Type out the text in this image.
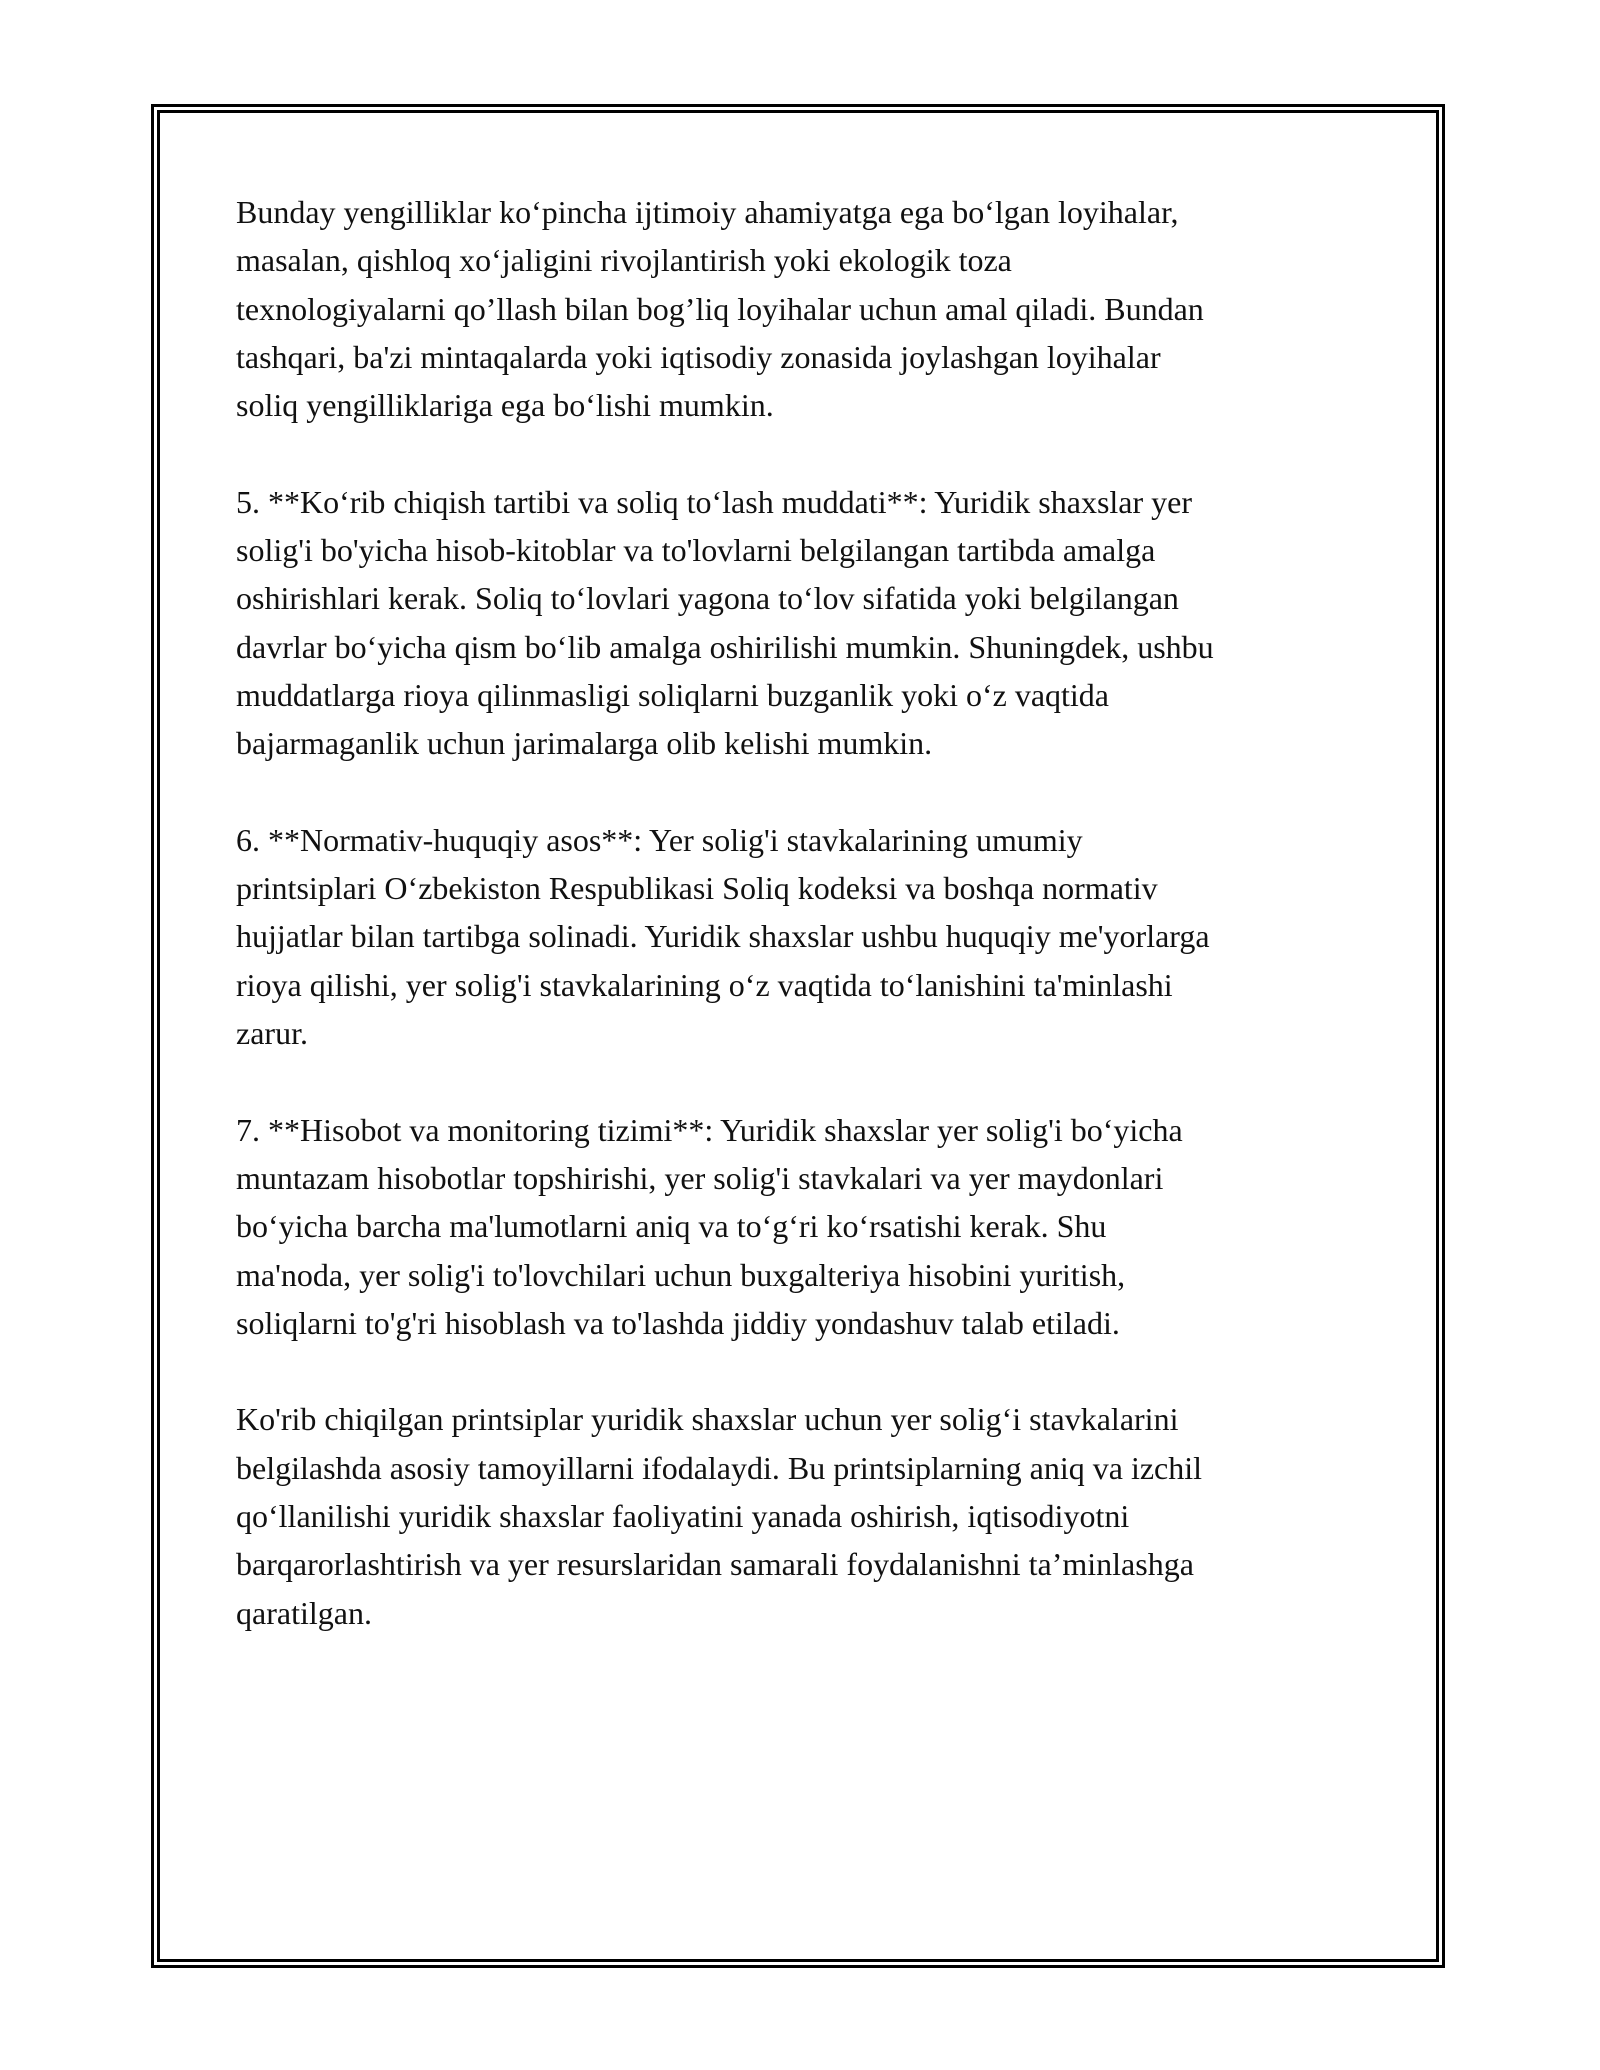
Bunday yengilliklar ko‘pincha ijtimoiy ahamiyatga ega bo‘lgan loyihalar,
masalan, qishloq xo‘jaligini rivojlantirish yoki ekologik toza
texnologiyalarni qo’llash bilan bog’liq loyihalar uchun amal qiladi. Bundan
tashqari, ba'zi mintaqalarda yoki iqtisodiy zonasida joylashgan loyihalar
soliq yengilliklariga ega bo‘lishi mumkin.

5. **Ko‘rib chiqish tartibi va soliq to‘lash muddati**: Yuridik shaxslar yer
solig'i bo'yicha hisob-kitoblar va to'lovlarni belgilangan tartibda amalga
oshirishlari kerak. Soliq to‘lovlari yagona to‘lov sifatida yoki belgilangan
davrlar bo‘yicha qism bo‘lib amalga oshirilishi mumkin. Shuningdek, ushbu
muddatlarga rioya qilinmasligi soliqlarni buzganlik yoki o‘z vaqtida
bajarmaganlik uchun jarimalarga olib kelishi mumkin.

6. **Normativ-huquqiy asos**: Yer solig'i stavkalarining umumiy
printsiplari O‘zbekiston Respublikasi Soliq kodeksi va boshqa normativ
hujjatlar bilan tartibga solinadi. Yuridik shaxslar ushbu huquqiy me'yorlarga
rioya qilishi, yer solig'i stavkalarining o‘z vaqtida to‘lanishini ta'minlashi
zarur.

7. **Hisobot va monitoring tizimi**: Yuridik shaxslar yer solig'i bo‘yicha
muntazam hisobotlar topshirishi, yer solig'i stavkalari va yer maydonlari
bo‘yicha barcha ma'lumotlarni aniq va to‘g‘ri ko‘rsatishi kerak. Shu
ma'noda, yer solig'i to'lovchilari uchun buxgalteriya hisobini yuritish,
soliqlarni to'g'ri hisoblash va to'lashda jiddiy yondashuv talab etiladi.

Ko'rib chiqilgan printsiplar yuridik shaxslar uchun yer solig‘i stavkalarini
belgilashda asosiy tamoyillarni ifodalaydi. Bu printsiplarning aniq va izchil
qo‘llanilishi yuridik shaxslar faoliyatini yanada oshirish, iqtisodiyotni
barqarorlashtirish va yer resurslaridan samarali foydalanishni ta’minlashga
qaratilgan.
